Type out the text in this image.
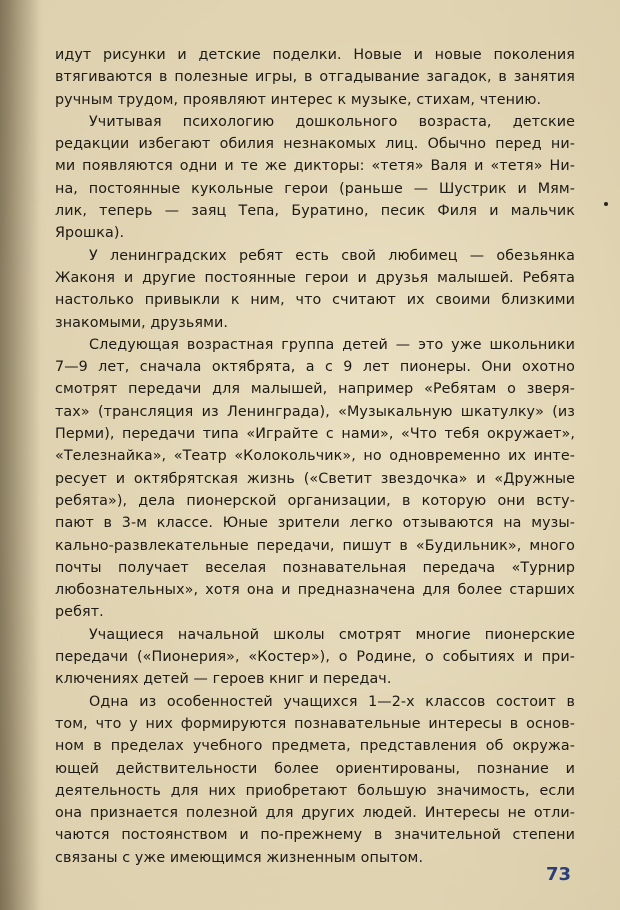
идут рисунки и детские поделки. Новые и новые поколения
втягиваются в полезные игры, в отгадывание загадок, в занятия
ручным трудом, проявляют интерес к музыке, стихам, чтению.
Учитывая психологию дошкольного возраста, детские
редакции избегают обилия незнакомых лиц. Обычно перед ни-
ми появляются одни и те же дикторы: «тетя» Валя и «тетя» Ни-
на, постоянные кукольные герои (раньше — Шустрик и Мям-
лик, теперь — заяц Тепа, Буратино, песик Филя и мальчик
Ярошка).
У ленинградских ребят есть свой любимец — обезьянка
Жаконя и другие постоянные герои и друзья малышей. Ребята
настолько привыкли к ним, что считают их своими близкими
знакомыми, друзьями.
Следующая возрастная группа детей — это уже школьники
7—9 лет, сначала октябрята, а с 9 лет пионеры. Они охотно
смотрят передачи для малышей, например «Ребятам о зверя-
тах» (трансляция из Ленинграда), «Музыкальную шкатулку» (из
Перми), передачи типа «Играйте с нами», «Что тебя окружает»,
«Телезнайка», «Театр «Колокольчик», но одновременно их инте-
ресует и октябрятская жизнь («Светит звездочка» и «Дружные
ребята»), дела пионерской организации, в которую они всту-
пают в 3-м классе. Юные зрители легко отзываются на музы-
кально-развлекательные передачи, пишут в «Будильник», много
почты получает веселая познавательная передача «Турнир
любознательных», хотя она и предназначена для более старших
ребят.
Учащиеся начальной школы смотрят многие пионерские
передачи («Пионерия», «Костер»), о Родине, о событиях и при-
ключениях детей — героев книг и передач.
Одна из особенностей учащихся 1—2-х классов состоит в
том, что у них формируются познавательные интересы в основ-
ном в пределах учебного предмета, представления об окружа-
ющей действительности более ориентированы, познание и
деятельность для них приобретают большую значимость, если
она признается полезной для других людей. Интересы не отли-
чаются постоянством и по-прежнему в значительной степени
связаны с уже имеющимся жизненным опытом.
73
